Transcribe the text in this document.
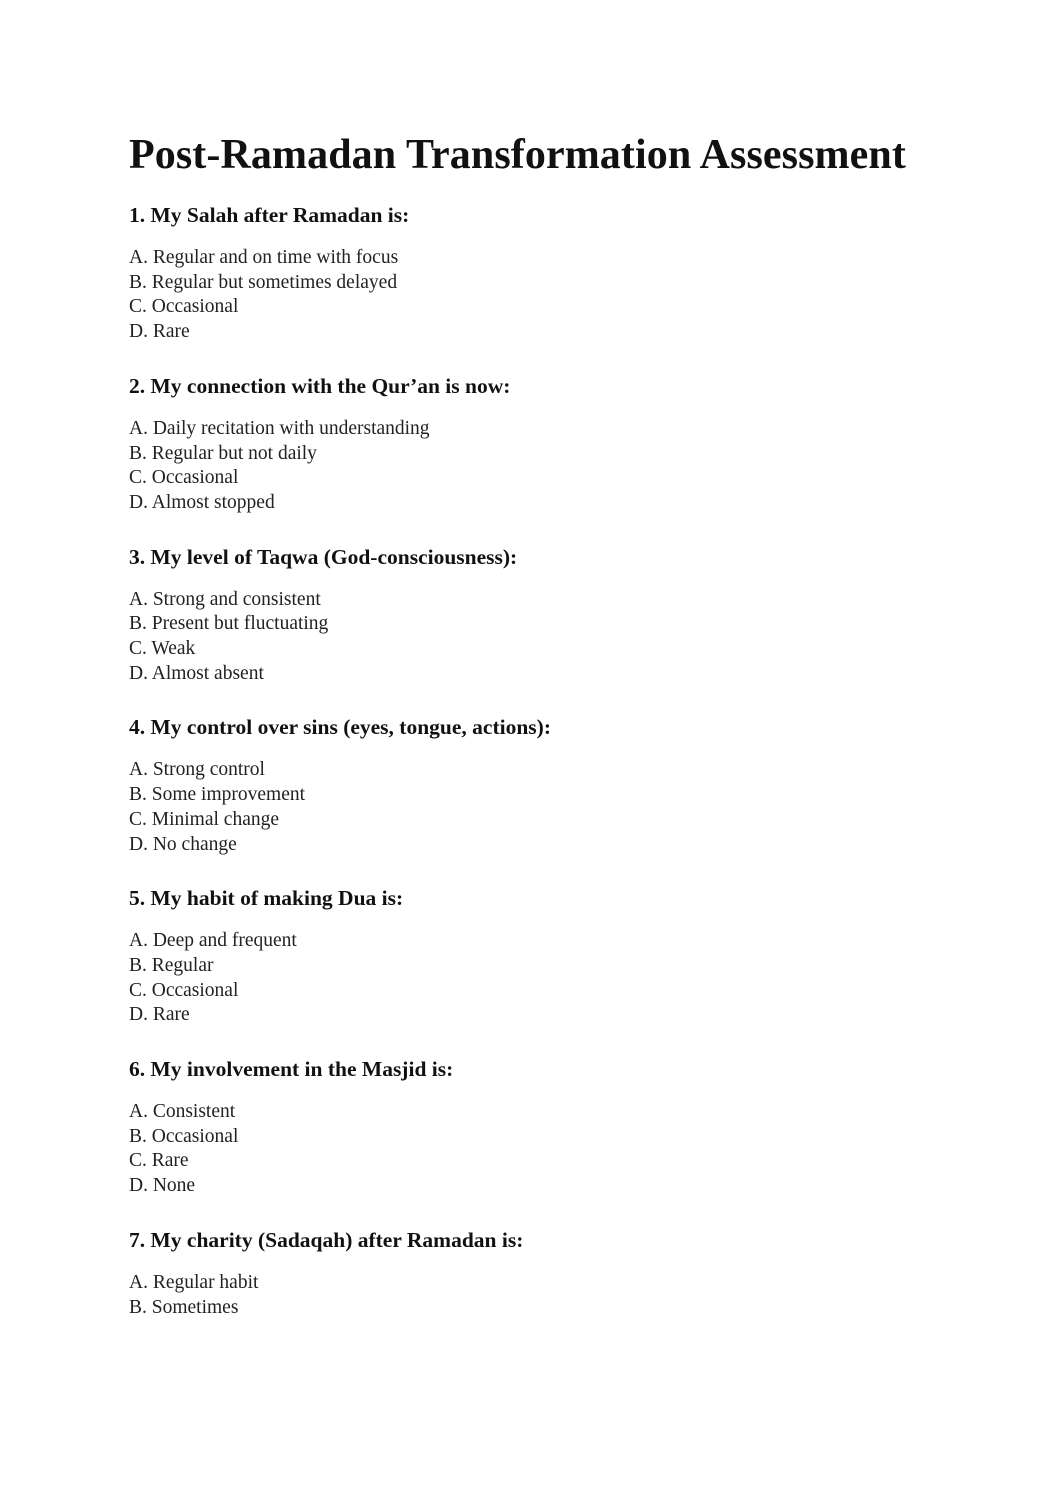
Post-Ramadan Transformation Assessment

1. My Salah after Ramadan is:

A. Regular and on time with focus
B. Regular but sometimes delayed
C. Occasional
D. Rare

2. My connection with the Qur’an is now:

A. Daily recitation with understanding
B. Regular but not daily
C. Occasional
D. Almost stopped

3. My level of Taqwa (God-consciousness):

A. Strong and consistent
B. Present but fluctuating
C. Weak
D. Almost absent

4. My control over sins (eyes, tongue, actions):

A. Strong control
B. Some improvement
C. Minimal change
D. No change

5. My habit of making Dua is:

A. Deep and frequent
B. Regular
C. Occasional
D. Rare

6. My involvement in the Masjid is:

A. Consistent
B. Occasional
C. Rare
D. None

7. My charity (Sadaqah) after Ramadan is:

A. Regular habit
B. Sometimes
